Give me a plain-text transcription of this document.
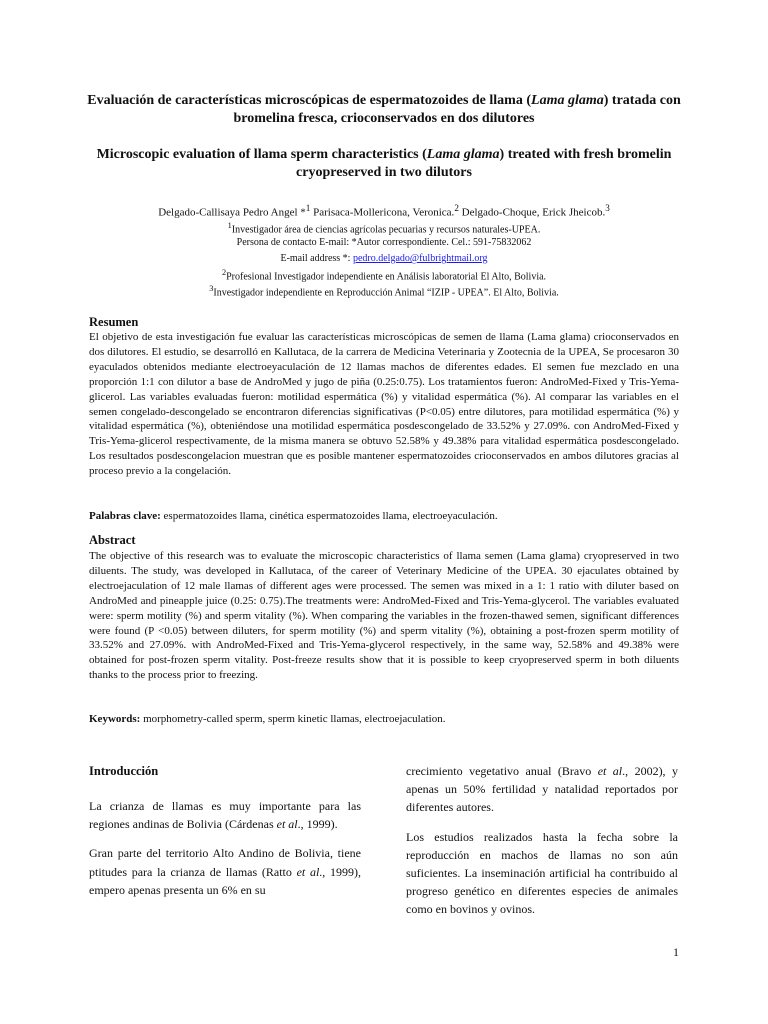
Evaluación de características microscópicas de espermatozoides de llama (Lama glama) tratada con bromelina fresca, crioconservados en dos dilutores
Microscopic evaluation of llama sperm characteristics (Lama glama) treated with fresh bromelin cryopreserved in two dilutors
Delgado-Callisaya Pedro Angel *$^1$ Parisaca-Mollericona, Veronica.$^2$ Delgado-Choque, Erick Jheicob.$^3$
$^1$Investigador área de ciencias agrícolas pecuarias y recursos naturales-UPEA.
Persona de contacto E-mail: *Autor correspondiente. Cel.: 591-75832062
E-mail address *: pedro.delgado@fulbrightmail.org
$^2$Profesional Investigador independiente en Análisis laboratorial El Alto, Bolivia.
$^3$Investigador independiente en Reproducción Animal “IZIP - UPEA”. El Alto, Bolivia.
Resumen
El objetivo de esta investigación fue evaluar las características microscópicas de semen de llama (Lama glama) crioconservados en dos dilutores. El estudio, se desarrolló en Kallutaca, de la carrera de Medicina Veterinaria y Zootecnia de la UPEA, Se procesaron 30 eyaculados obtenidos mediante electroeyaculación de 12 llamas machos de diferentes edades. El semen fue mezclado en una proporción 1:1 con dilutor a base de AndroMed y jugo de piña (0.25:0.75). Los tratamientos fueron: AndroMed-Fixed y Tris-Yema-glicerol. Las variables evaluadas fueron: motilidad espermática (%) y vitalidad espermática (%). Al comparar las variables en el semen congelado-descongelado se encontraron diferencias significativas (P<0.05) entre dilutores, para motilidad espermática (%) y vitalidad espermática (%), obteniéndose una motilidad espermática posdescongelado de 33.52% y 27.09%. con AndroMed-Fixed y Tris-Yema-glicerol respectivamente, de la misma manera se obtuvo 52.58% y 49.38% para vitalidad espermática posdescongelado. Los resultados posdescongelacion muestran que es posible mantener espermatozoides crioconservados en ambos dilutores gracias al proceso previo a la congelación.
Palabras clave: espermatozoides llama, cinética espermatozoides llama, electroeyaculación.
Abstract
The objective of this research was to evaluate the microscopic characteristics of llama semen (Lama glama) cryopreserved in two diluents. The study, was developed in Kallutaca, of the career of Veterinary Medicine of the UPEA. 30 ejaculates obtained by electroejaculation of 12 male llamas of different ages were processed. The semen was mixed in a 1: 1 ratio with diluter based on AndroMed and pineapple juice (0.25: 0.75).The treatments were: AndroMed-Fixed and Tris-Yema-glycerol. The variables evaluated were: sperm motility (%) and sperm vitality (%). When comparing the variables in the frozen-thawed semen, significant differences were found (P <0.05) between diluters, for sperm motility (%) and sperm vitality (%), obtaining a post-frozen sperm motility of 33.52% and 27.09%. with AndroMed-Fixed and Tris-Yema-glycerol respectively, in the same way, 52.58% and 49.38% were obtained for post-frozen sperm vitality. Post-freeze results show that it is possible to keep cryopreserved sperm in both diluents thanks to the process prior to freezing.
Keywords: morphometry-called sperm, sperm kinetic llamas, electroejaculation.
Introducción

La crianza de llamas es muy importante para las regiones andinas de Bolivia (Cárdenas et al., 1999).

Gran parte del territorio Alto Andino de Bolivia, tiene ptitudes para la crianza de llamas (Ratto et al., 1999), empero apenas presenta un 6% en su

crecimiento vegetativo anual (Bravo et al., 2002), y apenas un 50% fertilidad y natalidad reportados por diferentes autores.

Los estudios realizados hasta la fecha sobre la reproducción en machos de llamas no son aún suficientes. La inseminación artificial ha contribuido al progreso genético en diferentes especies de animales como en bovinos y ovinos.

1
